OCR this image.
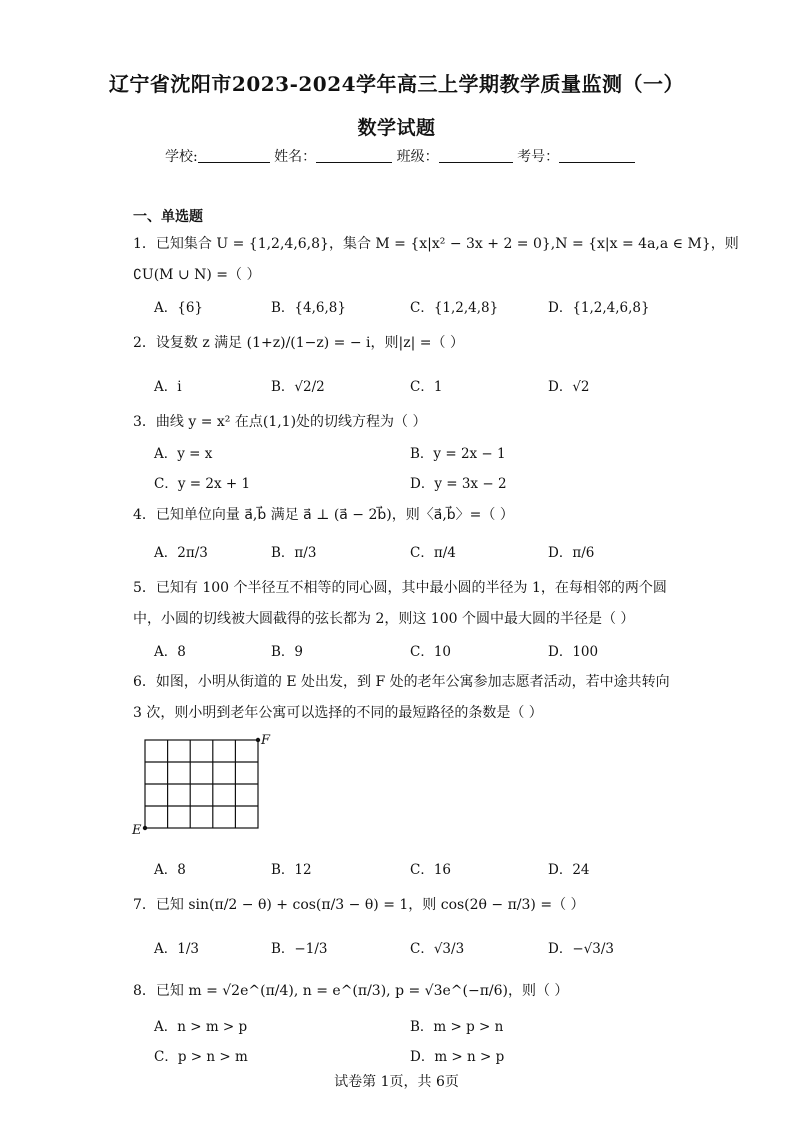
辽宁省沈阳市2023-2024学年高三上学期教学质量监测（一）
数学试题
学校:	姓名：	班级：	考号：
一、单选题
1．已知集合 U = {1,2,4,6,8}，集合 M = {x|x² − 3x + 2 = 0},N = {x|x = 4a,a ∈ M}，则
∁U(M ∪ N) =（ ）
A．{6}	B．{4,6,8}	C．{1,2,4,8}	D．{1,2,4,6,8}
2．设复数 z 满足 (1+z)/(1−z) = − i，则|z| =（ ）
A．i	B．√2/2	C．1	D．√2
3．曲线 y = x² 在点(1,1)处的切线方程为（ ）
A．y = x	B．y = 2x − 1
C．y = 2x + 1	D．y = 3x − 2
4．已知单位向量 a⃗,b⃗ 满足 a⃗ ⊥ (a⃗ − 2b⃗)，则〈a⃗,b⃗〉=（ ）
A．2π/3	B．π/3	C．π/4	D．π/6
5．已知有 100 个半径互不相等的同心圆，其中最小圆的半径为 1，在每相邻的两个圆
中，小圆的切线被大圆截得的弦长都为 2，则这 100 个圆中最大圆的半径是（ ）
A．8	B．9	C．10	D．100
6．如图，小明从街道的 E 处出发，到 F 处的老年公寓参加志愿者活动，若中途共转向
3 次，则小明到老年公寓可以选择的不同的最短路径的条数是（ ）
E
F
A．8	B．12	C．16	D．24
7．已知 sin(π/2 − θ) + cos(π/3 − θ) = 1，则 cos(2θ − π/3) =（ ）
A．1/3	B．−1/3	C．√3/3	D．−√3/3
8．已知 m = √2e^(π/4), n = e^(π/3), p = √3e^(−π/6)，则（ ）
A．n > m > p	B．m > p > n
C．p > n > m	D．m > n > p
试卷第 1页，共 6页
